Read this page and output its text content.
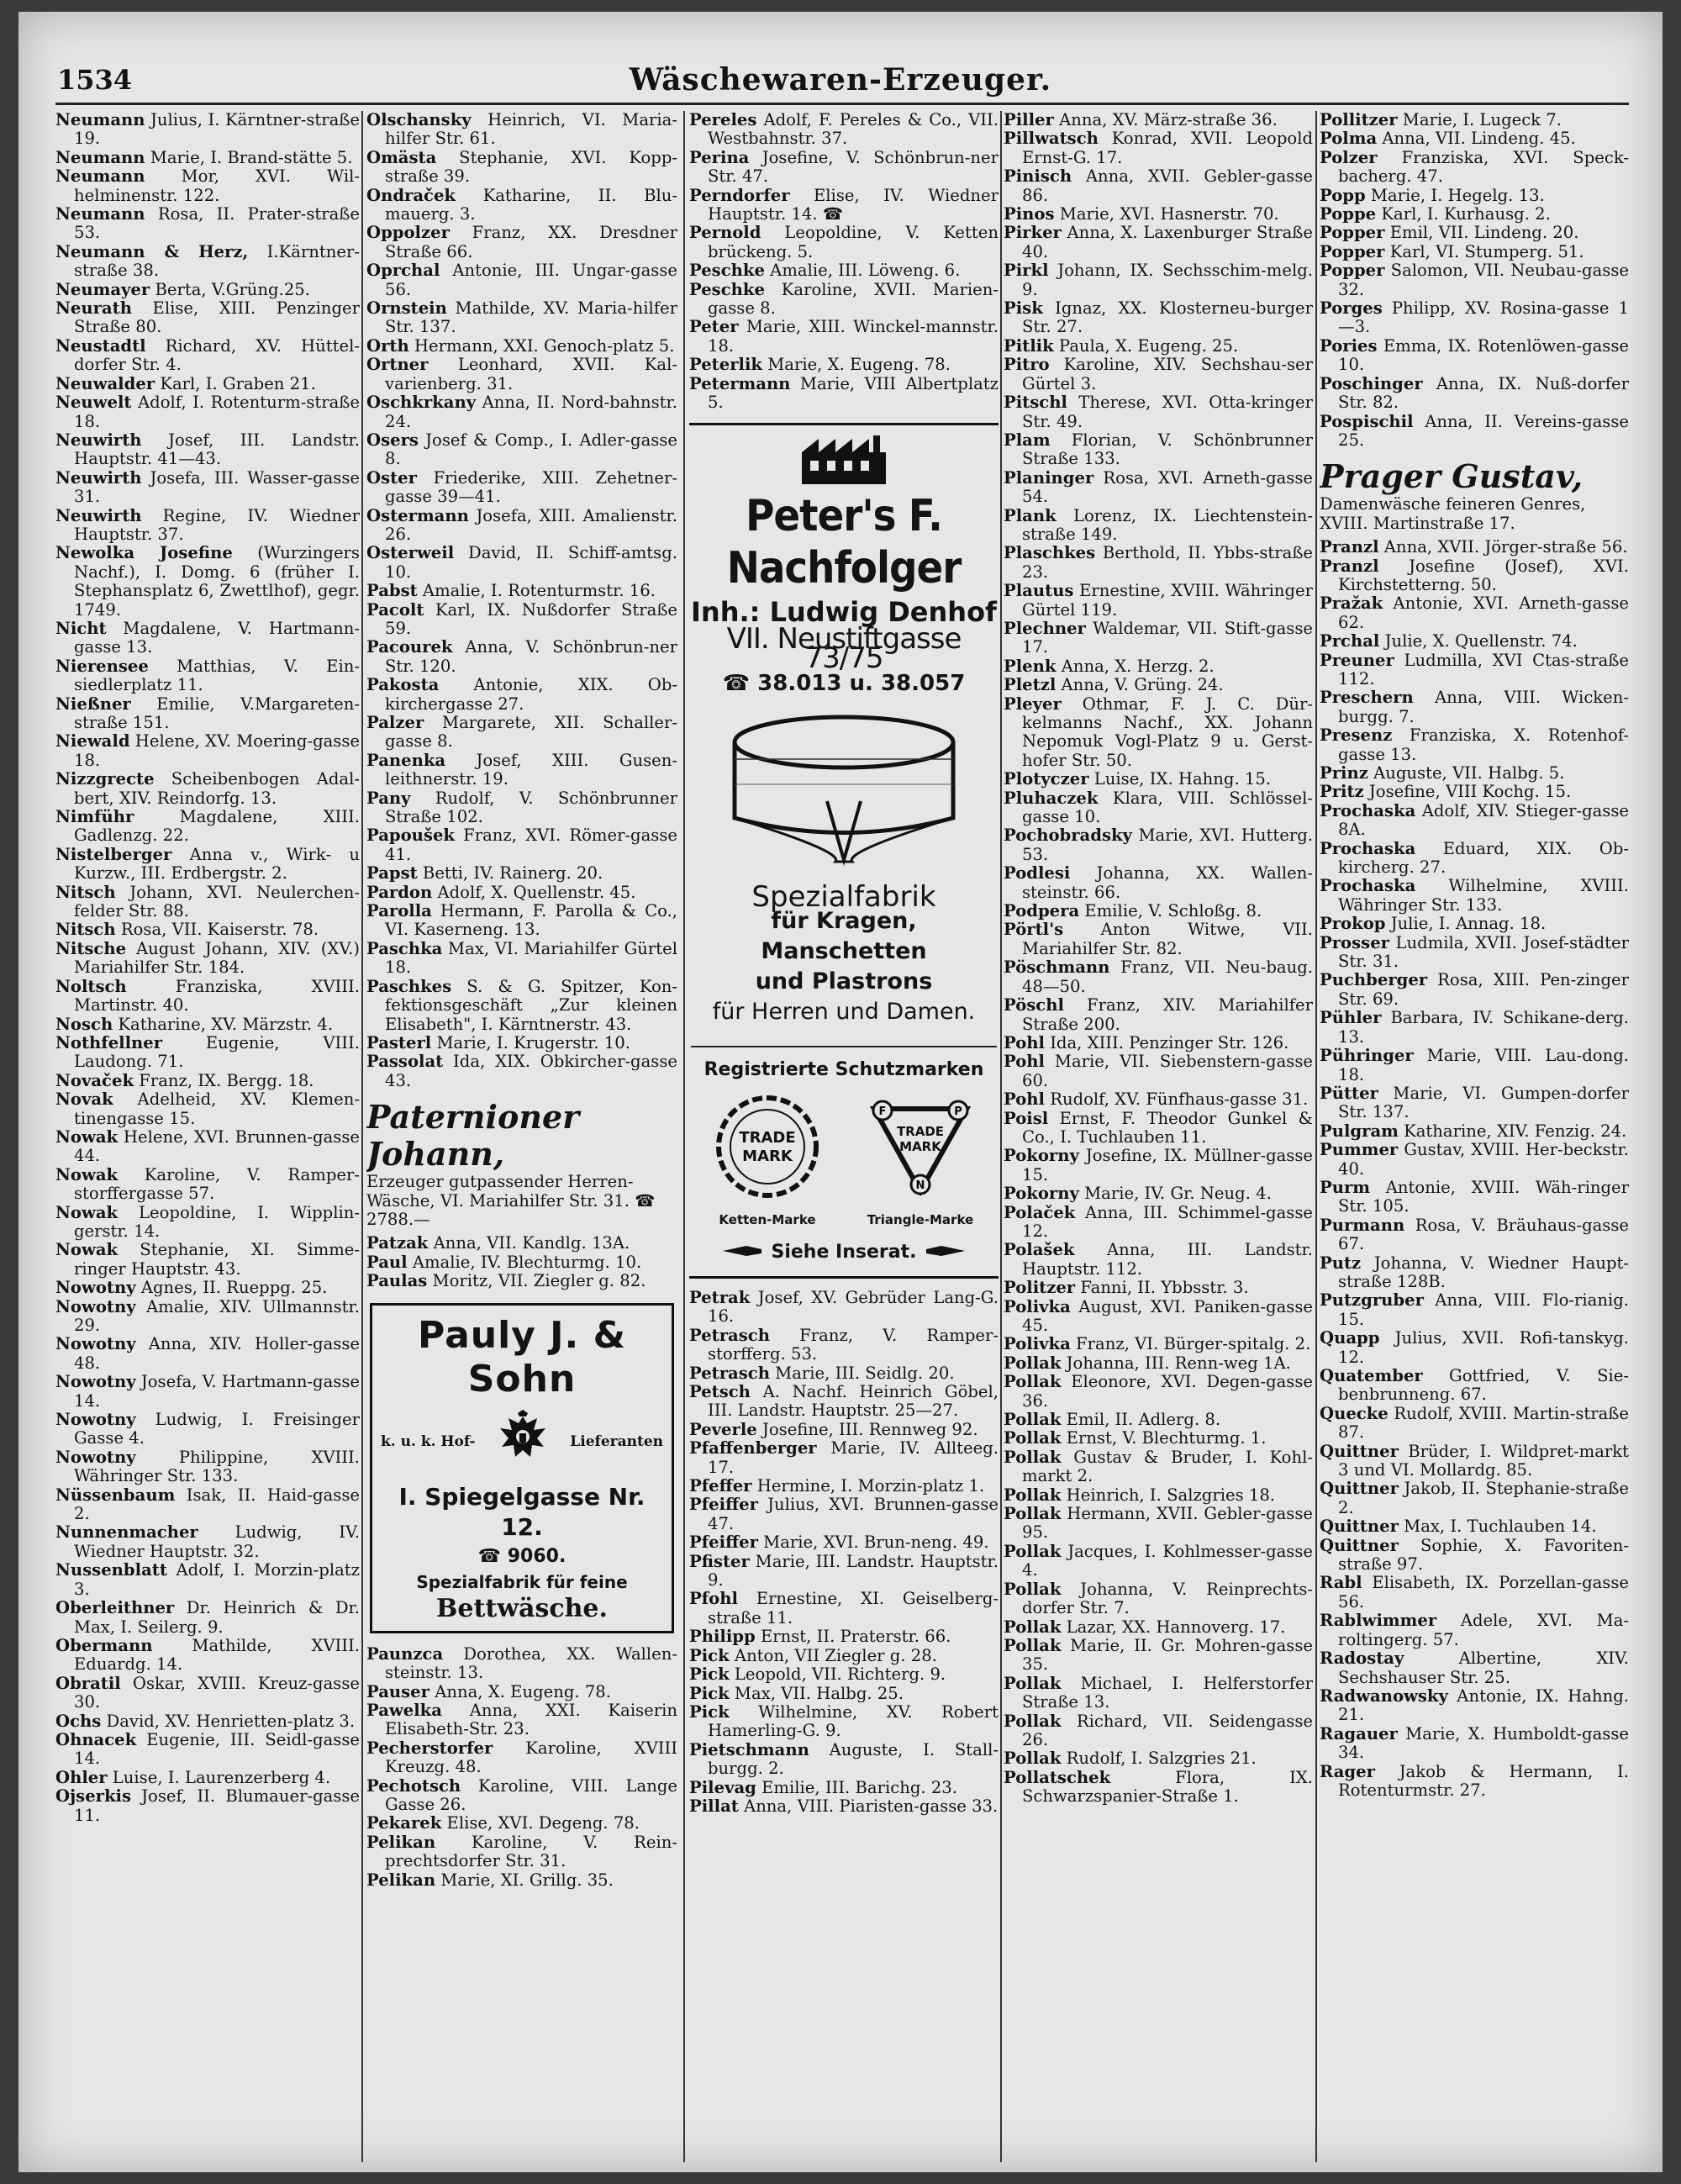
1534	Wäschewaren-Erzeuger.

Neumann Julius, I. Kärntner-straße 19.

Neumann Marie, I. Brand-stätte 5.

Neumann Mor, XVI. Wil-helminenstr. 122.

Neumann Rosa, II. Prater-straße 53.

Neumann & Herz, I.Kärntner-straße 38.

Neumayer Berta, V.Grüng.25.

Neurath Elise, XIII. Penzinger Straße 80.

Neustadtl Richard, XV. Hüttel-dorfer Str. 4.

Neuwalder Karl, I. Graben 21.

Neuwelt Adolf, I. Rotenturm-straße 18.

Neuwirth Josef, III. Landstr. Hauptstr. 41—43.

Neuwirth Josefa, III. Wasser-gasse 31.

Neuwirth Regine, IV. Wiedner Hauptstr. 37.

Newolka Josefine (Wurzingers Nachf.), I. Domg. 6 (früher I. Stephansplatz 6, Zwettlhof), gegr. 1749.

Nicht Magdalene, V. Hartmann-gasse 13.

Nierensee Matthias, V. Ein-siedlerplatz 11.

Nießner Emilie, V.Margareten-straße 151.

Niewald Helene, XV. Moering-gasse 18.

Nizzgrecte Scheibenbogen Adal-bert, XIV. Reindorfg. 13.

Nimführ Magdalene, XIII. Gadlenzg. 22.

Nistelberger Anna v., Wirk- u Kurzw., III. Erdbergstr. 2.

Nitsch Johann, XVI. Neulerchen-felder Str. 88.

Nitsch Rosa, VII. Kaiserstr. 78.

Nitsche August Johann, XIV. (XV.) Mariahilfer Str. 184.

Noltsch Franziska, XVIII. Martinstr. 40.

Nosch Katharine, XV. Märzstr. 4.

Nothfellner Eugenie, VIII. Laudong. 71.

Novaček Franz, IX. Bergg. 18.

Novak Adelheid, XV. Klemen-tinengasse 15.

Nowak Helene, XVI. Brunnen-gasse 44.

Nowak Karoline, V. Ramper-storffergasse 57.

Nowak Leopoldine, I. Wipplin-gerstr. 14.

Nowak Stephanie, XI. Simme-ringer Hauptstr. 43.

Nowotny Agnes, II. Rueppg. 25.

Nowotny Amalie, XIV. Ullmannstr. 29.

Nowotny Anna, XIV. Holler-gasse 48.

Nowotny Josefa, V. Hartmann-gasse 14.

Nowotny Ludwig, I. Freisinger Gasse 4.

Nowotny Philippine, XVIII. Währinger Str. 133.

Nüssenbaum Isak, II. Haid-gasse 2.

Nunnenmacher Ludwig, IV. Wiedner Hauptstr. 32.

Nussenblatt Adolf, I. Morzin-platz 3.

Oberleithner Dr. Heinrich & Dr. Max, I. Seilerg. 9.

Obermann Mathilde, XVIII. Eduardg. 14.

Obratil Oskar, XVIII. Kreuz-gasse 30.

Ochs David, XV. Henrietten-platz 3.

Ohnacek Eugenie, III. Seidl-gasse 14.

Ohler Luise, I. Laurenzerberg 4.

Ojserkis Josef, II. Blumauer-gasse 11.

Olschansky Heinrich, VI. Maria-hilfer Str. 61.

Omästa Stephanie, XVI. Kopp-straße 39.

Ondraček Katharine, II. Blu-mauerg. 3.

Oppolzer Franz, XX. Dresdner Straße 66.

Oprchal Antonie, III. Ungar-gasse 56.

Ornstein Mathilde, XV. Maria-hilfer Str. 137.

Orth Hermann, XXI. Genoch-platz 5.

Ortner Leonhard, XVII. Kal-varienberg. 31.

Oschkrkany Anna, II. Nord-bahnstr. 24.

Osers Josef & Comp., I. Adler-gasse 8.

Oster Friederike, XIII. Zehetner-gasse 39—41.

Ostermann Josefa, XIII. Amalienstr. 26.

Osterweil David, II. Schiff-amtsg. 10.

Pabst Amalie, I. Rotenturmstr. 16.

Pacolt Karl, IX. Nußdorfer Straße 59.

Pacourek Anna, V. Schönbrun-ner Str. 120.

Pakosta Antonie, XIX. Ob-kirchergasse 27.

Palzer Margarete, XII. Schaller-gasse 8.

Panenka Josef, XIII. Gusen-leithnerstr. 19.

Pany Rudolf, V. Schönbrunner Straße 102.

Papoušek Franz, XVI. Römer-gasse 41.

Papst Betti, IV. Rainerg. 20.

Pardon Adolf, X. Quellenstr. 45.

Parolla Hermann, F. Parolla & Co., VI. Kaserneng. 13.

Paschka Max, VI. Mariahilfer Gürtel 18.

Paschkes S. & G. Spitzer, Kon-fektionsgeschäft „Zur kleinen Elisabeth", I. Kärntnerstr. 43.

Pasterl Marie, I. Krugerstr. 10.

Passolat Ida, XIX. Obkircher-gasse 43.

Paternioner Johann,
Erzeuger gutpassender Herren-Wäsche, VI. Mariahilfer Str. 31. ☎ 2788.—

Patzak Anna, VII. Kandlg. 13A.

Paul Amalie, IV. Blechturmg. 10.

Paulas Moritz, VII. Ziegler g. 82.

Pauly J. & Sohn
k. u. k. Hof-	Lieferanten
I. Spiegelgasse Nr. 12.
☎ 9060.
Spezialfabrik für feine
Bettwäsche.

Paunzca Dorothea, XX. Wallen-steinstr. 13.

Pauser Anna, X. Eugeng. 78.

Pawelka Anna, XXI. Kaiserin Elisabeth-Str. 23.

Pecherstorfer Karoline, XVIII Kreuzg. 48.

Pechotsch Karoline, VIII. Lange Gasse 26.

Pekarek Elise, XVI. Degeng. 78.

Pelikan Karoline, V. Rein-prechtsdorfer Str. 31.

Pelikan Marie, XI. Grillg. 35.

Pereles Adolf, F. Pereles & Co., VII. Westbahnstr. 37.

Perina Josefine, V. Schönbrun-ner Str. 47.

Perndorfer Elise, IV. Wiedner Hauptstr. 14. ☎

Pernold Leopoldine, V. Ketten brückeng. 5.

Peschke Amalie, III. Löweng. 6.

Peschke Karoline, XVII. Marien-gasse 8.

Peter Marie, XIII. Winckel-mannstr. 18.

Peterlik Marie, X. Eugeng. 78.

Petermann Marie, VIII Albertplatz 5.

Peter's F. Nachfolger
Inh.: Ludwig Denhof
VII. Neustiftgasse 73/75
☎ 38.013 u. 38.057
Spezialfabrik
für Kragen, Manschetten
und Plastrons
für Herren und Damen.
Registrierte Schutzmarken
TRADE
MARK
Ketten-Marke
F	P
N
TRADE
MARK
Triangle-Marke
Siehe Inserat.

Petrak Josef, XV. Gebrüder Lang-G. 16.

Petrasch Franz, V. Ramper-storfferg. 53.

Petrasch Marie, III. Seidlg. 20.

Petsch A. Nachf. Heinrich Göbel, III. Landstr. Hauptstr. 25—27.

Peverle Josefine, III. Rennweg 92.

Pfaffenberger Marie, IV. Allteeg. 17.

Pfeffer Hermine, I. Morzin-platz 1.

Pfeiffer Julius, XVI. Brunnen-gasse 47.

Pfeiffer Marie, XVI. Brun-neng. 49.

Pfister Marie, III. Landstr. Hauptstr. 9.

Pfohl Ernestine, XI. Geiselberg-straße 11.

Philipp Ernst, II. Praterstr. 66.

Pick Anton, VII Ziegler g. 28.

Pick Leopold, VII. Richterg. 9.

Pick Max, VII. Halbg. 25.

Pick Wilhelmine, XV. Robert Hamerling-G. 9.

Pietschmann Auguste, I. Stall-burgg. 2.

Pilevag Emilie, III. Barichg. 23.

Pillat Anna, VIII. Piaristen-gasse 33.

Piller Anna, XV. März-straße 36.

Pillwatsch Konrad, XVII. Leopold Ernst-G. 17.

Pinisch Anna, XVII. Gebler-gasse 86.

Pinos Marie, XVI. Hasnerstr. 70.

Pirker Anna, X. Laxenburger Straße 40.

Pirkl Johann, IX. Sechsschim-melg. 9.

Pisk Ignaz, XX. Klosterneu-burger Str. 27.

Pitlik Paula, X. Eugeng. 25.

Pitro Karoline, XIV. Sechshau-ser Gürtel 3.

Pitschl Therese, XVI. Otta-kringer Str. 49.

Plam Florian, V. Schönbrunner Straße 133.

Planinger Rosa, XVI. Arneth-gasse 54.

Plank Lorenz, IX. Liechtenstein-straße 149.

Plaschkes Berthold, II. Ybbs-straße 23.

Plautus Ernestine, XVIII. Währinger Gürtel 119.

Plechner Waldemar, VII. Stift-gasse 17.

Plenk Anna, X. Herzg. 2.

Pletzl Anna, V. Grüng. 24.

Pleyer Othmar, F. J. C. Dür-kelmanns Nachf., XX. Johann Nepomuk Vogl-Platz 9 u. Gerst-hofer Str. 50.

Plotyczer Luise, IX. Hahng. 15.

Pluhaczek Klara, VIII. Schlössel-gasse 10.

Pochobradsky Marie, XVI. Hutterg. 53.

Podlesi Johanna, XX. Wallen-steinstr. 66.

Podpera Emilie, V. Schloßg. 8.

Pörtl's Anton Witwe, VII. Mariahilfer Str. 82.

Pöschmann Franz, VII. Neu-baug. 48—50.

Pöschl Franz, XIV. Mariahilfer Straße 200.

Pohl Ida, XIII. Penzinger Str. 126.

Pohl Marie, VII. Siebenstern-gasse 60.

Pohl Rudolf, XV. Fünfhaus-gasse 31.

Poisl Ernst, F. Theodor Gunkel & Co., I. Tuchlauben 11.

Pokorny Josefine, IX. Müllner-gasse 15.

Pokorny Marie, IV. Gr. Neug. 4.

Polaček Anna, III. Schimmel-gasse 12.

Polašek Anna, III. Landstr. Hauptstr. 112.

Politzer Fanni, II. Ybbsstr. 3.

Polivka August, XVI. Paniken-gasse 45.

Polivka Franz, VI. Bürger-spitalg. 2.

Pollak Johanna, III. Renn-weg 1A.

Pollak Eleonore, XVI. Degen-gasse 36.

Pollak Emil, II. Adlerg. 8.

Pollak Ernst, V. Blechturmg. 1.

Pollak Gustav & Bruder, I. Kohl-markt 2.

Pollak Heinrich, I. Salzgries 18.

Pollak Hermann, XVII. Gebler-gasse 95.

Pollak Jacques, I. Kohlmesser-gasse 4.

Pollak Johanna, V. Reinprechts-dorfer Str. 7.

Pollak Lazar, XX. Hannoverg. 17.

Pollak Marie, II. Gr. Mohren-gasse 35.

Pollak Michael, I. Helferstorfer Straße 13.

Pollak Richard, VII. Seidengasse 26.

Pollak Rudolf, I. Salzgries 21.

Pollatschek Flora, IX. Schwarzspanier-Straße 1.

Pollitzer Marie, I. Lugeck 7.

Polma Anna, VII. Lindeng. 45.

Polzer Franziska, XVI. Speck-bacherg. 47.

Popp Marie, I. Hegelg. 13.

Poppe Karl, I. Kurhausg. 2.

Popper Emil, VII. Lindeng. 20.

Popper Karl, VI. Stumperg. 51.

Popper Salomon, VII. Neubau-gasse 32.

Porges Philipp, XV. Rosina-gasse 1—3.

Pories Emma, IX. Rotenlöwen-gasse 10.

Poschinger Anna, IX. Nuß-dorfer Str. 82.

Pospischil Anna, II. Vereins-gasse 25.

Prager Gustav,
Damenwäsche feineren Genres, XVIII. Martinstraße 17.

Pranzl Anna, XVII. Jörger-straße 56.

Pranzl Josefine (Josef), XVI. Kirchstetterng. 50.

Pražak Antonie, XVI. Arneth-gasse 62.

Prchal Julie, X. Quellenstr. 74.

Preuner Ludmilla, XVI Ctas-straße 112.

Preschern Anna, VIII. Wicken-burgg. 7.

Presenz Franziska, X. Rotenhof-gasse 13.

Prinz Auguste, VII. Halbg. 5.

Pritz Josefine, VIII Kochg. 15.

Prochaska Adolf, XIV. Stieger-gasse 8A.

Prochaska Eduard, XIX. Ob-kircherg. 27.

Prochaska Wilhelmine, XVIII. Währinger Str. 133.

Prokop Julie, I. Annag. 18.

Prosser Ludmila, XVII. Josef-städter Str. 31.

Puchberger Rosa, XIII. Pen-zinger Str. 69.

Pühler Barbara, IV. Schikane-derg. 13.

Pühringer Marie, VIII. Lau-dong. 18.

Pütter Marie, VI. Gumpen-dorfer Str. 137.

Pulgram Katharine, XIV. Fenzig. 24.

Pummer Gustav, XVIII. Her-beckstr. 40.

Purm Antonie, XVIII. Wäh-ringer Str. 105.

Purmann Rosa, V. Bräuhaus-gasse 67.

Putz Johanna, V. Wiedner Haupt-straße 128B.

Putzgruber Anna, VIII. Flo-rianig. 15.

Quapp Julius, XVII. Rofi-tanskyg. 12.

Quatember Gottfried, V. Sie-benbrunneng. 67.

Quecke Rudolf, XVIII. Martin-straße 87.

Quittner Brüder, I. Wildpret-markt 3 und VI. Mollardg. 85.

Quittner Jakob, II. Stephanie-straße 2.

Quittner Max, I. Tuchlauben 14.

Quittner Sophie, X. Favoriten-straße 97.

Rabl Elisabeth, IX. Porzellan-gasse 56.

Rablwimmer Adele, XVI. Ma-roltingerg. 57.

Radostay Albertine, XIV. Sechshauser Str. 25.

Radwanowsky Antonie, IX. Hahng. 21.

Ragauer Marie, X. Humboldt-gasse 34.

Rager Jakob & Hermann, I. Rotenturmstr. 27.
